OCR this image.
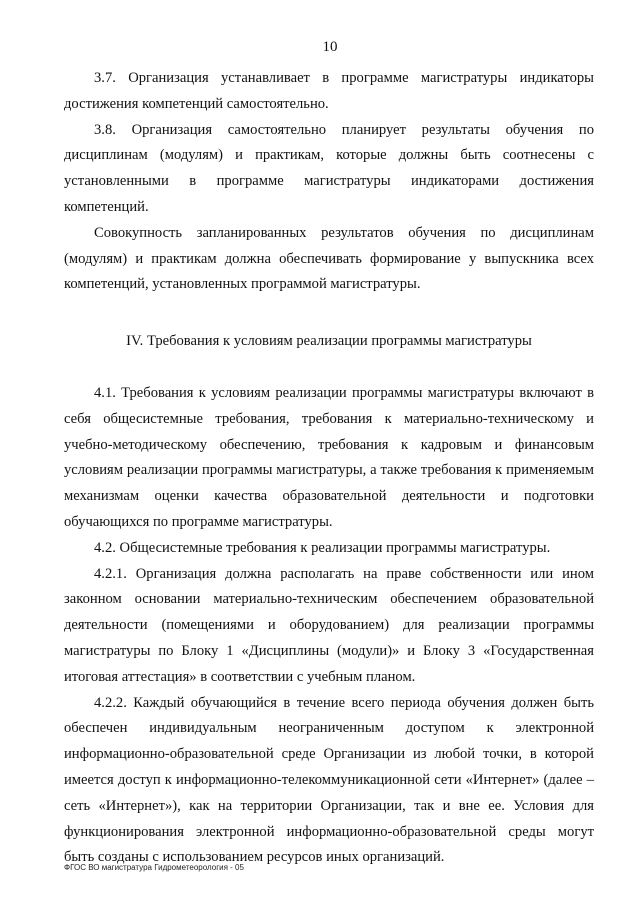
10

3.7. Организация устанавливает в программе магистратуры индикаторы достижения компетенций самостоятельно.

3.8. Организация самостоятельно планирует результаты обучения по дисциплинам (модулям) и практикам, которые должны быть соотнесены с установленными в программе магистратуры индикаторами достижения компетенций.

Совокупность запланированных результатов обучения по дисциплинам (модулям) и практикам должна обеспечивать формирование у выпускника всех компетенций, установленных программой магистратуры.

IV. Требования к условиям реализации программы магистратуры

4.1. Требования к условиям реализации программы магистратуры включают в себя общесистемные требования, требования к материально-техническому и учебно-методическому обеспечению, требования к кадровым и финансовым условиям реализации программы магистратуры, а также требования к применяемым механизмам оценки качества образовательной деятельности и подготовки обучающихся по программе магистратуры.

4.2. Общесистемные требования к реализации программы магистратуры.

4.2.1. Организация должна располагать на праве собственности или ином законном основании материально-техническим обеспечением образовательной деятельности (помещениями и оборудованием) для реализации программы магистратуры по Блоку 1 «Дисциплины (модули)» и Блоку 3 «Государственная итоговая аттестация» в соответствии с учебным планом.

4.2.2. Каждый обучающийся в течение всего периода обучения должен быть обеспечен индивидуальным неограниченным доступом к электронной информационно-образовательной среде Организации из любой точки, в которой имеется доступ к информационно-телекоммуникационной сети «Интернет» (далее – сеть «Интернет»), как на территории Организации, так и вне ее. Условия для функционирования электронной информационно-образовательной среды могут быть созданы с использованием ресурсов иных организаций.

ФГОС ВО магистратура Гидрометеорология - 05
